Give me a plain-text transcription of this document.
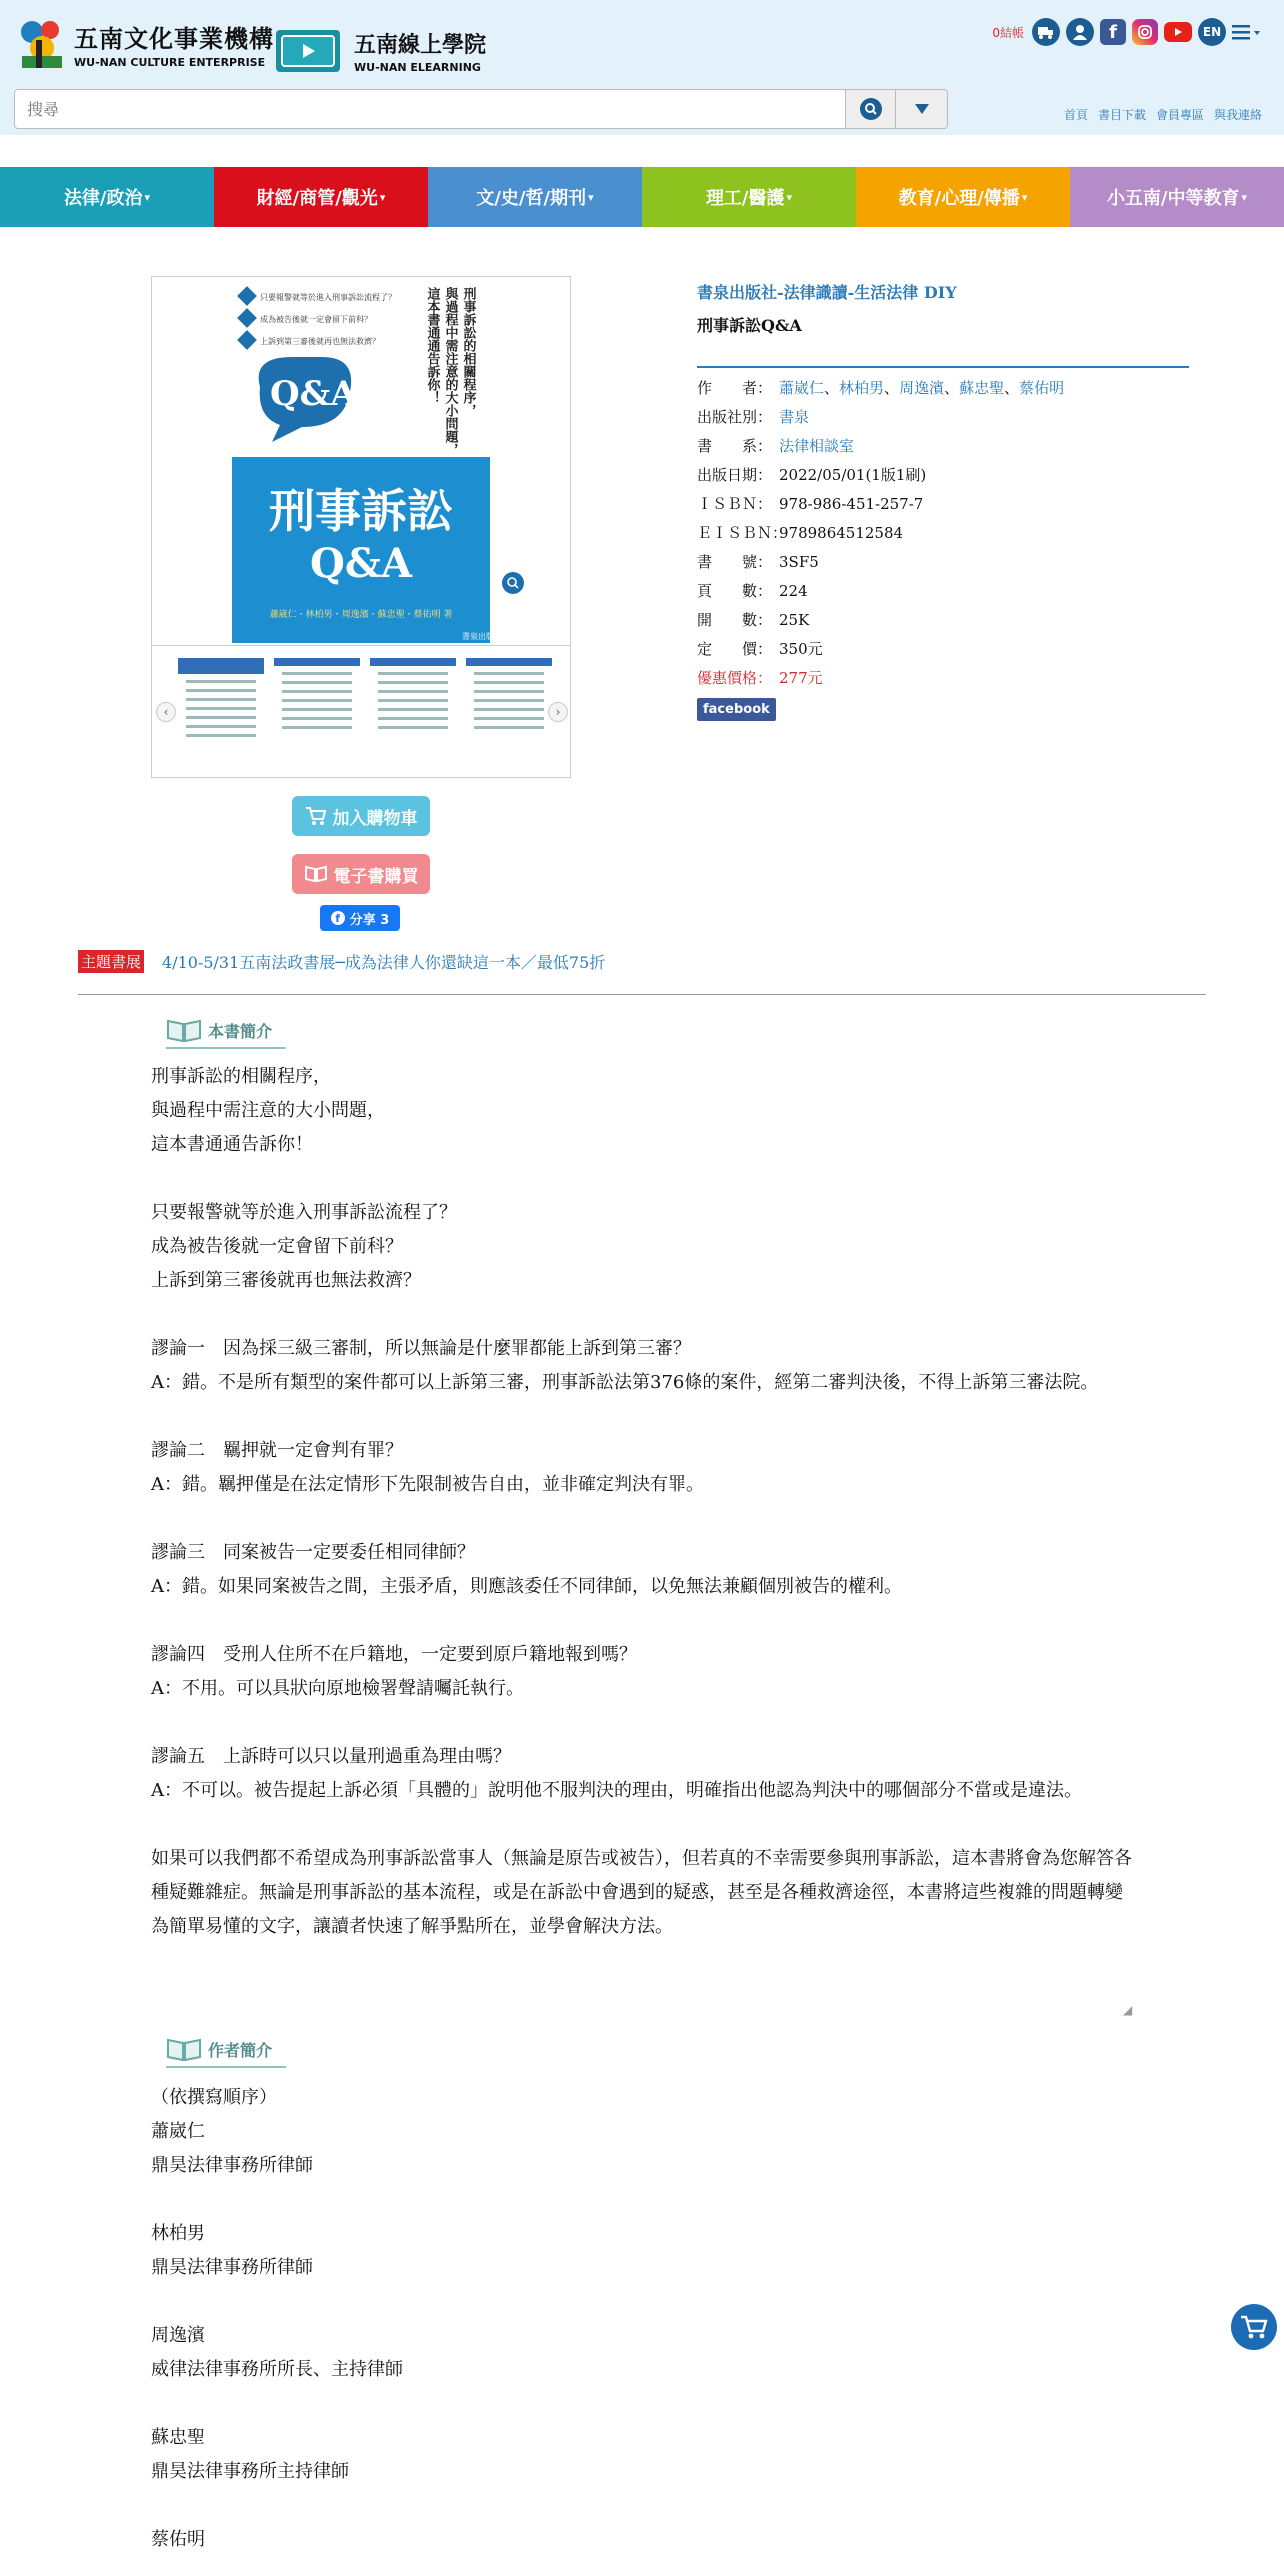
五南文化事業機構
WU-NAN CULTURE ENTERPRISE
五南線上學院
WU-NAN ELEARNING
0結帳	f	EN
搜尋
首頁 書目下載 會員專區 與我連絡
法律/政治 ▾	財經/商管/觀光 ▾	文/史/哲/期刊 ▾	理工/醫護 ▾	教育/心理/傳播 ▾	小五南/中等教育 ▾
只要報警就等於進入刑事訴訟流程了？
成為被告後就一定會留下前科？
上訴到第三審後就再也無法救濟？	刑事訴訟的相關程序，
與過程中需注意的大小問題，
這本書通通告訴你！
Q&A
刑事訴訟
Q&A
蕭崴仁・林柏男・周逸濱・蘇忠聖・蔡佑明 著
書泉出版
‹	›
加入購物車
電子書購買
f 分享 3
書泉出版社-法律識讀-生活法律 DIY
刑事訴訟Q&A
作　　者： 蕭崴仁、林柏男、周逸濱、蘇忠聖、蔡佑明
出版社別： 書泉
書　　系： 法律相談室
出版日期： 2022/05/01(1版1刷)
ＩＳＢＮ： 978-986-451-257-7
ＥＩＳＢＮ：
9789864512584
書　　號： 3SF5
頁　　數： 224
開　　數： 25K
定　　價： 350元
優惠價格： 277元
facebook
主題書展 4/10-5/31五南法政書展─成為法律人你還缺這一本／最低75折
本書簡介

刑事訴訟的相關程序，

與過程中需注意的大小問題，

這本書通通告訴你！

只要報警就等於進入刑事訴訟流程了？

成為被告後就一定會留下前科？

上訴到第三審後就再也無法救濟？

謬論一　因為採三級三審制，所以無論是什麼罪都能上訴到第三審？

A：錯。不是所有類型的案件都可以上訴第三審，刑事訴訟法第376條的案件，經第二審判決後，不得上訴第三審法院。

謬論二　羈押就一定會判有罪？

A：錯。羈押僅是在法定情形下先限制被告自由，並非確定判決有罪。

謬論三　同案被告一定要委任相同律師？

A：錯。如果同案被告之間，主張矛盾，則應該委任不同律師，以免無法兼顧個別被告的權利。

謬論四　受刑人住所不在戶籍地，一定要到原戶籍地報到嗎？

A：不用。可以具狀向原地檢署聲請囑託執行。

謬論五　上訴時可以只以量刑過重為理由嗎？

A：不可以。被告提起上訴必須「具體的」說明他不服判決的理由，明確指出他認為判決中的哪個部分不當或是違法。

如果可以我們都不希望成為刑事訴訟當事人（無論是原告或被告），但若真的不幸需要參與刑事訴訟，這本書將會為您解答各種疑難雜症。無論是刑事訴訟的基本流程，或是在訴訟中會遇到的疑惑，甚至是各種救濟途徑，本書將這些複雜的問題轉變為簡單易懂的文字，讓讀者快速了解爭點所在，並學會解決方法。

◢
作者簡介

（依撰寫順序）

蕭崴仁

鼎昊法律事務所律師

林柏男

鼎昊法律事務所律師

周逸濱

威律法律事務所所長、主持律師

蘇忠聖

鼎昊法律事務所主持律師

蔡佑明
